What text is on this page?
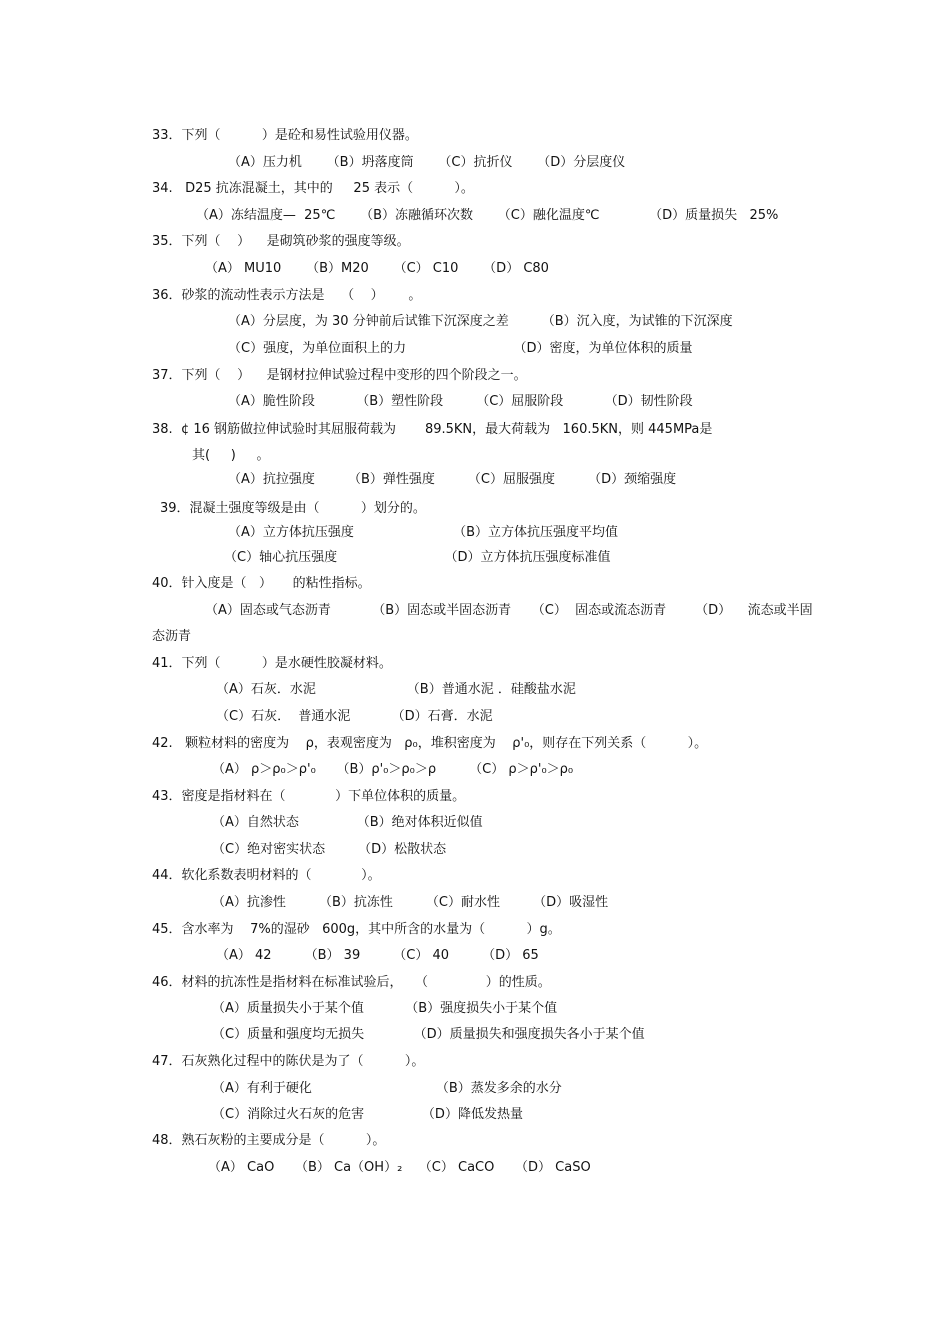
33．下列（          ）是砼和易性试验用仪器。
（A）压力机      （B）坍落度筒      （C）抗折仪      （D）分层度仪
34.   D25 抗冻混凝土，其中的     25 表示（          ）。
（A）冻结温度—  25℃      （B）冻融循环次数      （C）融化温度℃            （D）质量损失   25%
35．下列（    ）    是砌筑砂浆的强度等级。
（A） MU10      （B）M20      （C） C10      （D） C80
36．砂浆的流动性表示方法是    （    ）      。
（A）分层度，为 30 分钟前后试锥下沉深度之差        （B）沉入度，为试锥的下沉深度
（C）强度，为单位面积上的力                          （D）密度，为单位体积的质量
37．下列（    ）    是钢材拉伸试验过程中变形的四个阶段之一。
（A）脆性阶段          （B）塑性阶段        （C）屈服阶段          （D）韧性阶段
38.  ¢ 16 钢筋做拉伸试验时其屈服荷载为       89.5KN，最大荷载为   160.5KN，则 445MPa是
其(     )     。
（A）抗拉强度        （B）弹性强度        （C）屈服强度        （D）颈缩强度
39．混凝土强度等级是由（          ）划分的。
（A）立方体抗压强度                        （B）立方体抗压强度平均值
（C）轴心抗压强度                          （D）立方体抗压强度标准值
40．针入度是（   ）     的粘性指标。
（A）固态或气态沥青          （B）固态或半固态沥青     （C）  固态或流态沥青       （D）    流态或半固
态沥青
41．下列（          ）是水硬性胶凝材料。
（A）石灰．水泥                      （B）普通水泥 ．硅酸盐水泥
（C）石灰．  普通水泥          （D）石膏．水泥
42.   颗粒材料的密度为    ρ，表观密度为   ρ₀，堆积密度为    ρ'₀，则存在下列关系（          ）。
（A） ρ＞ρ₀＞ρ'₀     （B）ρ'₀＞ρ₀＞ρ        （C） ρ＞ρ'₀＞ρ₀
43．密度是指材料在（            ）下单位体积的质量。
（A）自然状态              （B）绝对体积近似值
（C）绝对密实状态        （D）松散状态
44．软化系数表明材料的（            ）。
（A）抗渗性        （B）抗冻性        （C）耐水性        （D）吸湿性
45．含水率为    7%的湿砂   600g，其中所含的水量为（          ）g。
（A） 42        （B） 39        （C） 40        （D） 65
46．材料的抗冻性是指材料在标准试验后，   （              ）的性质。
（A）质量损失小于某个值          （B）强度损失小于某个值
（C）质量和强度均无损失            （D）质量损失和强度损失各小于某个值
47．石灰熟化过程中的陈伏是为了（          ）。
（A）有利于硬化                              （B）蒸发多余的水分
（C）消除过火石灰的危害              （D）降低发热量
48．熟石灰粉的主要成分是（          ）。
（A） CaO     （B） Ca（OH）₂    （C） CaCO     （D） CaSO
